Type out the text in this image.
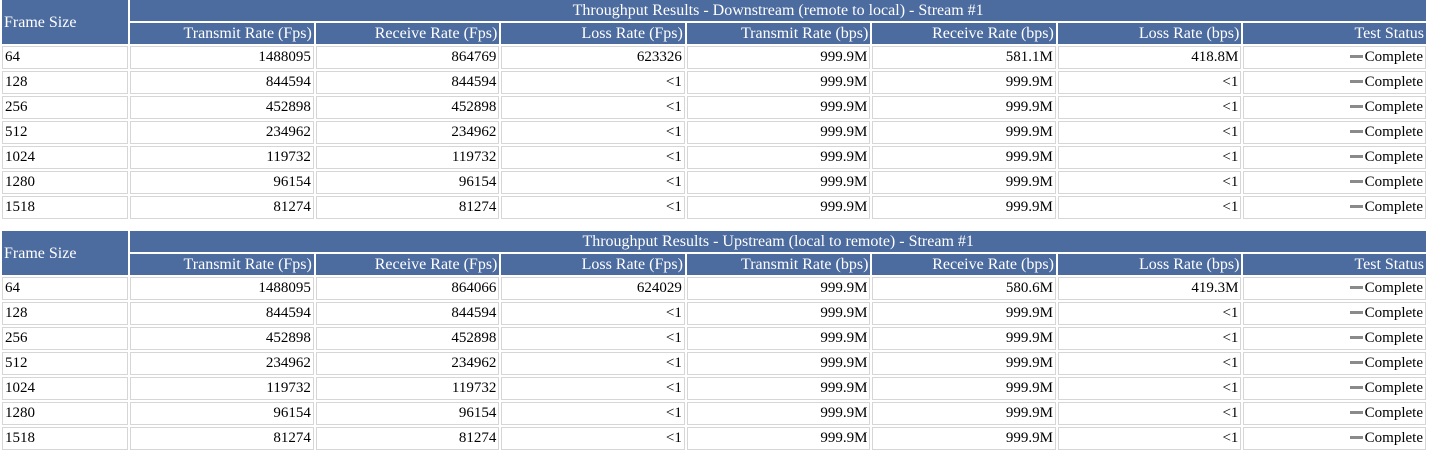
Frame Size	Throughput Results - Downstream (remote to local) - Stream #1						
	Transmit Rate (Fps)	Receive Rate (Fps)	Loss Rate (Fps)	Transmit Rate (bps)	Receive Rate (bps)	Loss Rate (bps)	Test Status
64	1488095	864769	623326	999.9M	581.1M	418.8M	Complete
128	844594	844594	<1	999.9M	999.9M	<1	Complete
256	452898	452898	<1	999.9M	999.9M	<1	Complete
512	234962	234962	<1	999.9M	999.9M	<1	Complete
1024	119732	119732	<1	999.9M	999.9M	<1	Complete
1280	96154	96154	<1	999.9M	999.9M	<1	Complete
1518	81274	81274	<1	999.9M	999.9M	<1	Complete
Frame Size	Throughput Results - Upstream (local to remote) - Stream #1						
	Transmit Rate (Fps)	Receive Rate (Fps)	Loss Rate (Fps)	Transmit Rate (bps)	Receive Rate (bps)	Loss Rate (bps)	Test Status
64	1488095	864066	624029	999.9M	580.6M	419.3M	Complete
128	844594	844594	<1	999.9M	999.9M	<1	Complete
256	452898	452898	<1	999.9M	999.9M	<1	Complete
512	234962	234962	<1	999.9M	999.9M	<1	Complete
1024	119732	119732	<1	999.9M	999.9M	<1	Complete
1280	96154	96154	<1	999.9M	999.9M	<1	Complete
1518	81274	81274	<1	999.9M	999.9M	<1	Complete
